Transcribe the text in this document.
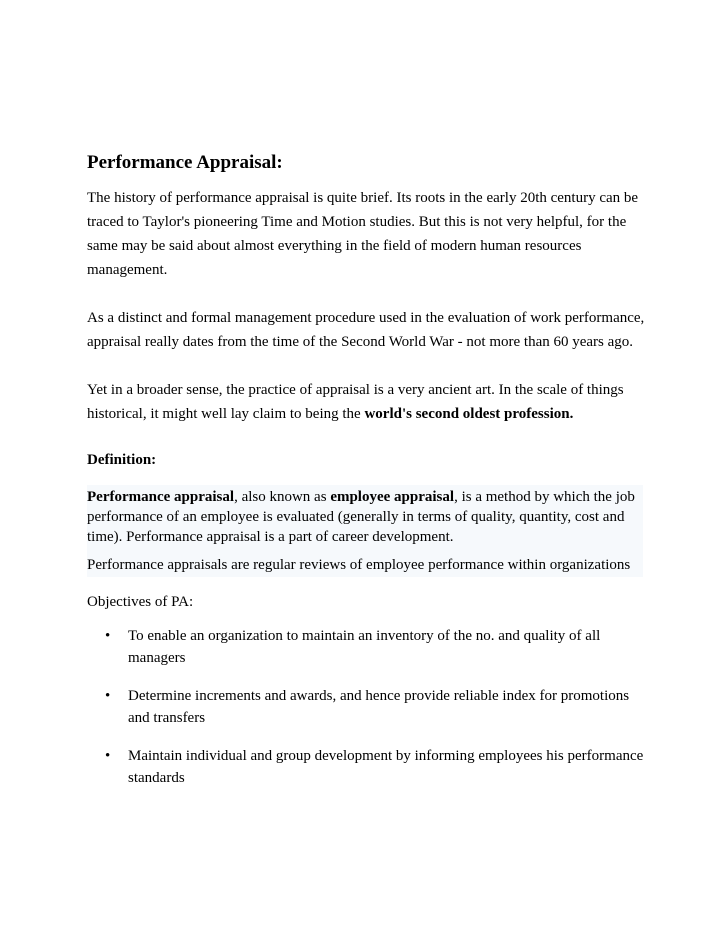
Performance Appraisal:

The history of performance appraisal is quite brief. Its roots in the early 20th century can be traced to Taylor's pioneering Time and Motion studies. But this is not very helpful, for the same may be said about almost everything in the field of modern human resources management.

As a distinct and formal management procedure used in the evaluation of work performance, appraisal really dates from the time of the Second World War - not more than 60 years ago.

Yet in a broader sense, the practice of appraisal is a very ancient art. In the scale of things historical, it might well lay claim to being the world's second oldest profession.

Definition:

Performance appraisal, also known as employee appraisal, is a method by which the job performance of an employee is evaluated (generally in terms of quality, quantity, cost and time). Performance appraisal is a part of career development.

Performance appraisals are regular reviews of employee performance within organizations

Objectives of PA:
• To enable an organization to maintain an inventory of the no. and quality of all managers
• Determine increments and awards, and hence provide reliable index for promotions and transfers
• Maintain individual and group development by informing employees his performance standards
